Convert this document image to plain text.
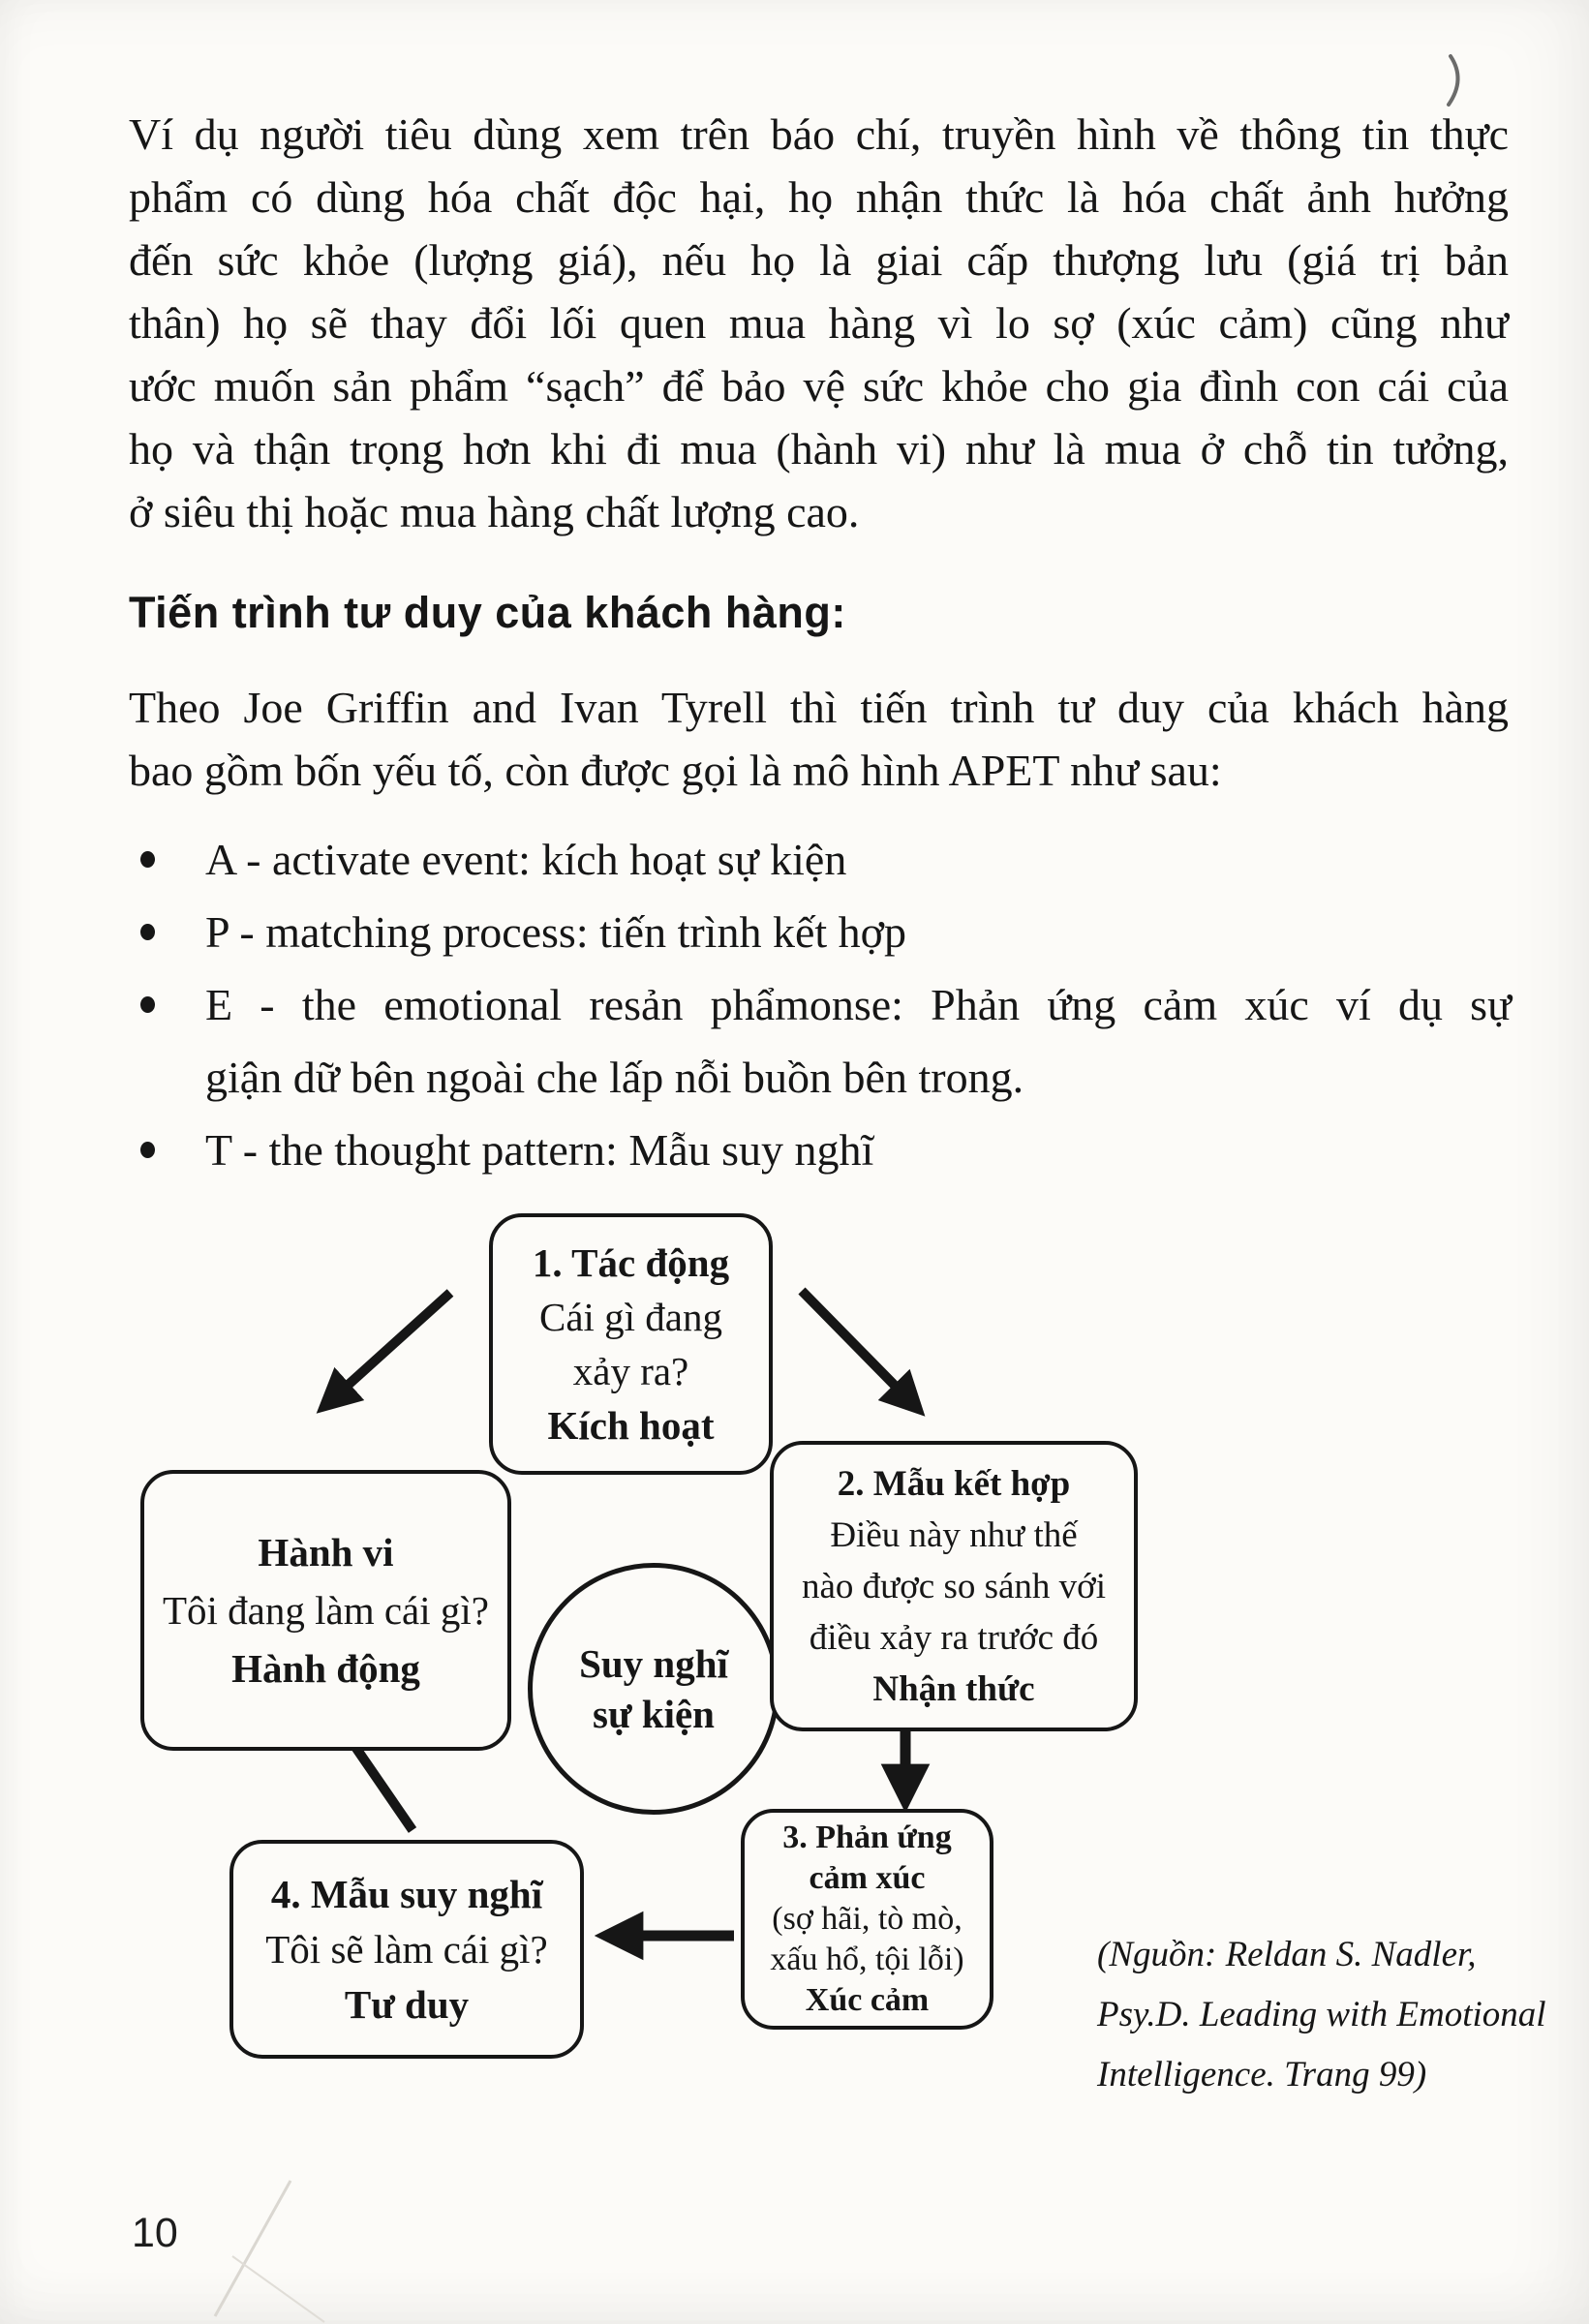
Ví dụ người tiêu dùng xem trên báo chí, truyền hình về thông tin thực
phẩm có dùng hóa chất độc hại, họ nhận thức là hóa chất ảnh hưởng
đến sức khỏe (lượng giá), nếu họ là giai cấp thượng lưu (giá trị bản
thân) họ sẽ thay đổi lối quen mua hàng vì lo sợ (xúc cảm) cũng như
ước muốn sản phẩm “sạch” để bảo vệ sức khỏe cho gia đình con cái của
họ và thận trọng hơn khi đi mua (hành vi) như là mua ở chỗ tin tưởng,
ở siêu thị hoặc mua hàng chất lượng cao.
Tiến trình tư duy của khách hàng:
Theo Joe Griffin and Ivan Tyrell thì tiến trình tư duy của khách hàng
bao gồm bốn yếu tố, còn được gọi là mô hình APET như sau:
A - activate event: kích hoạt sự kiện
P - matching process: tiến trình kết hợp
E - the emotional resản phẩmonse: Phản ứng cảm xúc ví dụ sự
giận dữ bên ngoài che lấp nỗi buồn bên trong.
T - the thought pattern: Mẫu suy nghĩ
1. Tác động
Cái gì đang
xảy ra?
Kích hoạt
2. Mẫu kết hợp
Điều này như thế
nào được so sánh với
điều xảy ra trước đó
Nhận thức
Hành vi
Tôi đang làm cái gì?
Hành động	Suy nghĩ
sự kiện
3. Phản ứng
cảm xúc
(sợ hãi, tò mò,
xấu hổ, tội lỗi)
Xúc cảm
4. Mẫu suy nghĩ
Tôi sẽ làm cái gì?
Tư duy
(Nguồn: Reldan S. Nadler,
Psy.D. Leading with Emotional
Intelligence. Trang 99)
10
